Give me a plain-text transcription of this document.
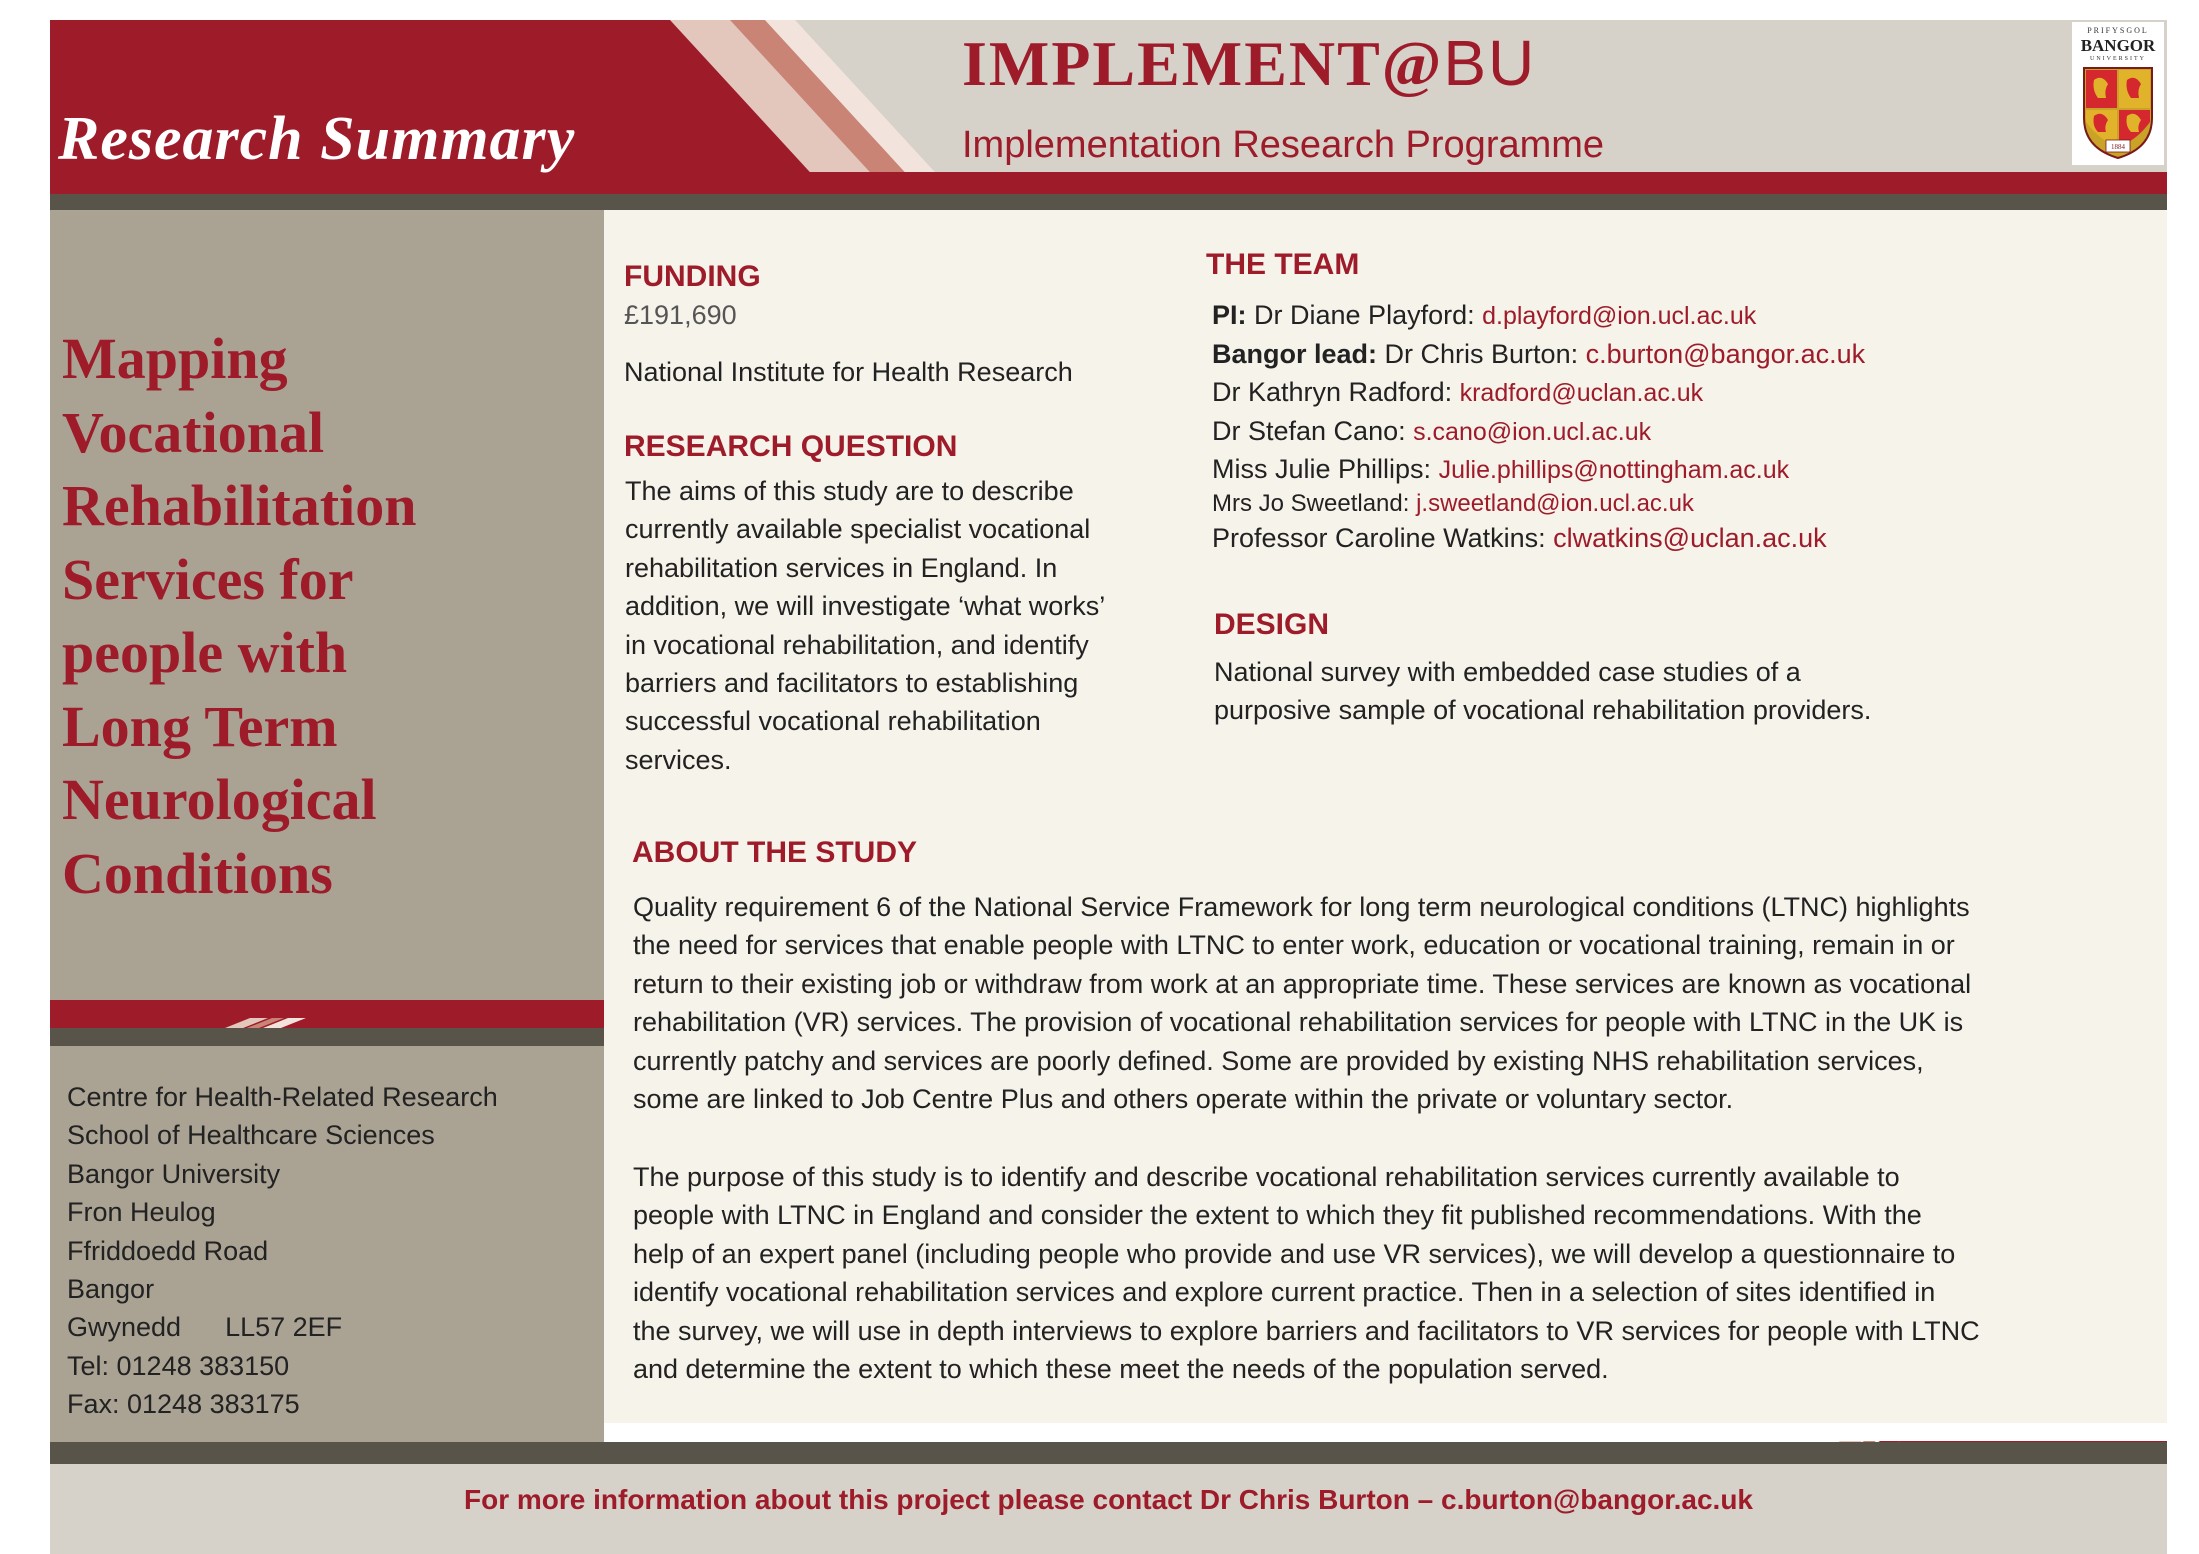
Research Summary
IMPLEMENT@BU
Implementation Research Programme
PRIFYSGOL
BANGOR
UNIVERSITY
1884
Mapping
Vocational
Rehabilitation
Services for
people with
Long Term
Neurological
Conditions
Centre for Health-Related Research
School of Healthcare Sciences
Bangor University
Fron Heulog
Ffriddoedd Road
Bangor
Gwynedd LL57 2EF
Tel: 01248 383150
Fax: 01248 383175
FUNDING
£191,690
National Institute for Health Research
RESEARCH QUESTION
The aims of this study are to describe
currently available specialist vocational
rehabilitation services in England. In
addition, we will investigate ‘what works’
in vocational rehabilitation, and identify
barriers and facilitators to establishing
successful vocational rehabilitation
services.
THE TEAM
PI: Dr Diane Playford: d.playford@ion.ucl.ac.uk
Bangor lead: Dr Chris Burton: c.burton@bangor.ac.uk
Dr Kathryn Radford: kradford@uclan.ac.uk
Dr Stefan Cano: s.cano@ion.ucl.ac.uk
Miss Julie Phillips: Julie.phillips@nottingham.ac.uk
Mrs Jo Sweetland: j.sweetland@ion.ucl.ac.uk
Professor Caroline Watkins: clwatkins@uclan.ac.uk
DESIGN
National survey with embedded case studies of a
purposive sample of vocational rehabilitation providers.
ABOUT THE STUDY
Quality requirement 6 of the National Service Framework for long term neurological conditions (LTNC) highlights
the need for services that enable people with LTNC to enter work, education or vocational training, remain in or
return to their existing job or withdraw from work at an appropriate time. These services are known as vocational
rehabilitation (VR) services. The provision of vocational rehabilitation services for people with LTNC in the UK is
currently patchy and services are poorly defined. Some are provided by existing NHS rehabilitation services,
some are linked to Job Centre Plus and others operate within the private or voluntary sector.
The purpose of this study is to identify and describe vocational rehabilitation services currently available to
people with LTNC in England and consider the extent to which they fit published recommendations. With the
help of an expert panel (including people who provide and use VR services), we will develop a questionnaire to
identify vocational rehabilitation services and explore current practice. Then in a selection of sites identified in
the survey, we will use in depth interviews to explore barriers and facilitators to VR services for people with LTNC
and determine the extent to which these meet the needs of the population served.
For more information about this project please contact Dr Chris Burton – c.burton@bangor.ac.uk
